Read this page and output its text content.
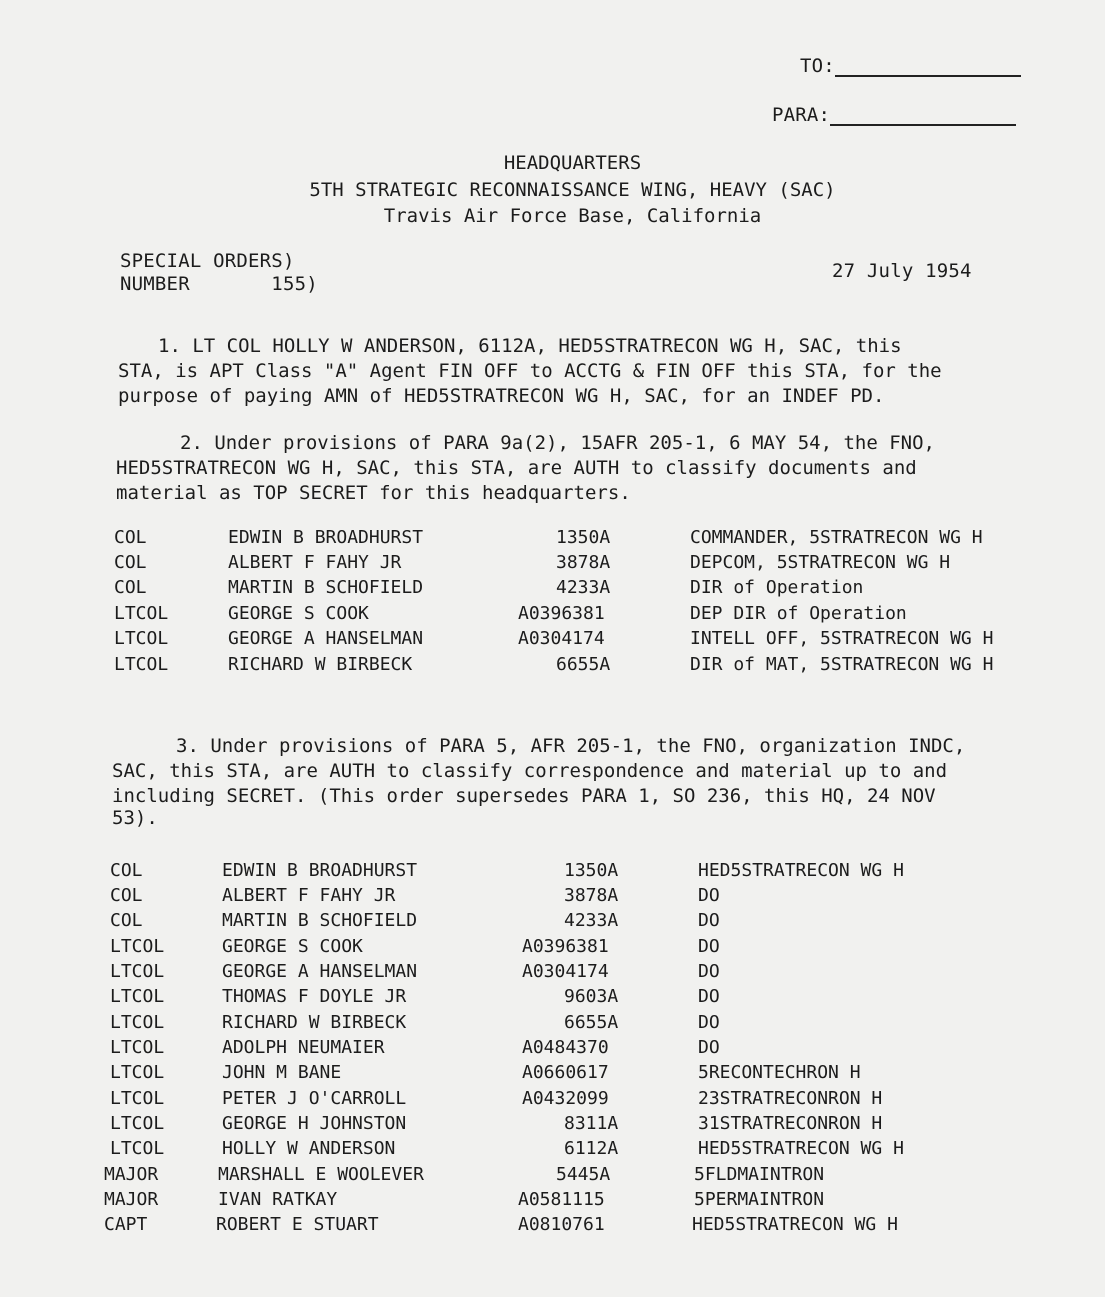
TO:
PARA:
HEADQUARTERS
5TH STRATEGIC RECONNAISSANCE WING, HEAVY (SAC)
Travis Air Force Base, California
SPECIAL ORDERS)
NUMBER       155)
27 July 1954
1. LT COL HOLLY W ANDERSON, 6112A, HED5STRATRECON WG H, SAC, this
STA, is APT Class "A" Agent FIN OFF to ACCTG & FIN OFF this STA, for the
purpose of paying AMN of HED5STRATRECON WG H, SAC, for an INDEF PD.
2. Under provisions of PARA 9a(2), 15AFR 205-1, 6 MAY 54, the FNO,
HED5STRATRECON WG H, SAC, this STA, are AUTH to classify documents and
material as TOP SECRET for this headquarters.
COL	EDWIN B BROADHURST	1350A	COMMANDER, 5STRATRECON WG H
COL	ALBERT F FAHY JR	3878A	DEPCOM, 5STRATRECON WG H
COL	MARTIN B SCHOFIELD	4233A	DIR of Operation
LTCOL	GEORGE S COOK	A0396381	DEP DIR of Operation
LTCOL	GEORGE A HANSELMAN	A0304174	INTELL OFF, 5STRATRECON WG H
LTCOL	RICHARD W BIRBECK	6655A	DIR of MAT, 5STRATRECON WG H
3. Under provisions of PARA 5, AFR 205-1, the FNO, organization INDC,
SAC, this STA, are AUTH to classify correspondence and material up to and
including SECRET. (This order supersedes PARA 1, SO 236, this HQ, 24 NOV
53).
COL	EDWIN B BROADHURST	1350A	HED5STRATRECON WG H
COL	ALBERT F FAHY JR	3878A	DO
COL	MARTIN B SCHOFIELD	4233A	DO
LTCOL	GEORGE S COOK	A0396381	DO
LTCOL	GEORGE A HANSELMAN	A0304174	DO
LTCOL	THOMAS F DOYLE JR	9603A	DO
LTCOL	RICHARD W BIRBECK	6655A	DO
LTCOL	ADOLPH NEUMAIER	A0484370	DO
LTCOL	JOHN M BANE	A0660617	5RECONTECHRON H
LTCOL	PETER J O'CARROLL	A0432099	23STRATRECONRON H
LTCOL	GEORGE H JOHNSTON	8311A	31STRATRECONRON H
LTCOL	HOLLY W ANDERSON	6112A	HED5STRATRECON WG H
MAJOR	MARSHALL E WOOLEVER	5445A	5FLDMAINTRON
MAJOR	IVAN RATKAY	A0581115	5PERMAINTRON
CAPT	ROBERT E STUART	A0810761	HED5STRATRECON WG H
